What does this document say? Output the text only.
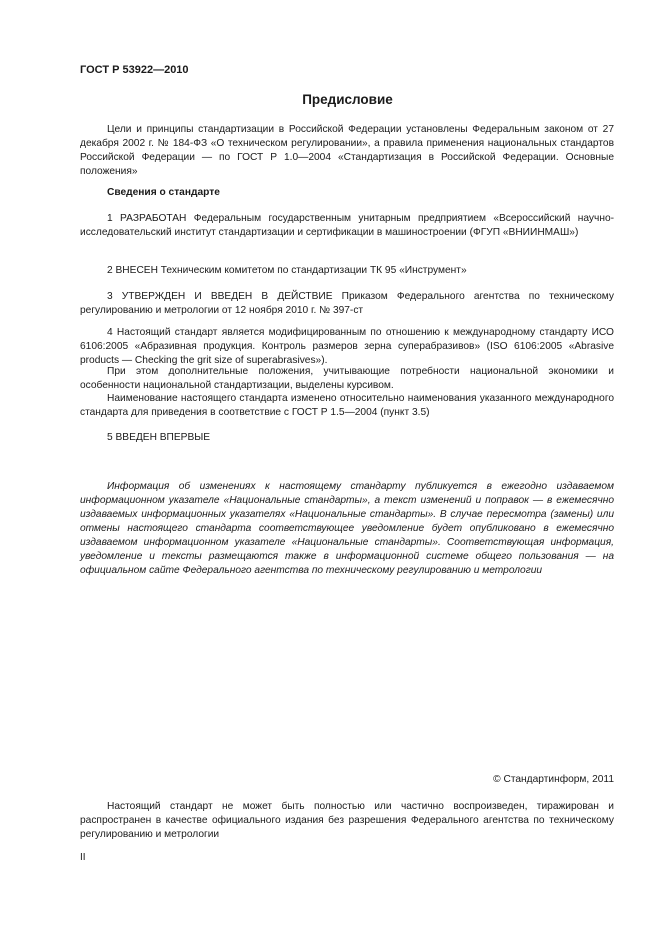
ГОСТ Р 53922—2010
Предисловие

Цели и принципы стандартизации в Российской Федерации установлены Федеральным законом от 27 декабря 2002 г. № 184-ФЗ «О техническом регулировании», а правила применения национальных стандартов Российской Федерации — по ГОСТ Р 1.0—2004 «Стандартизация в Российской Федерации. Основные положения»

Сведения о стандарте

1 РАЗРАБОТАН Федеральным государственным унитарным предприятием «Всероссийский научно-исследовательский институт стандартизации и сертификации в машиностроении (ФГУП «ВНИИНМАШ»)

2 ВНЕСЕН Техническим комитетом по стандартизации ТК 95 «Инструмент»

3 УТВЕРЖДЕН И ВВЕДЕН В ДЕЙСТВИЕ Приказом Федерального агентства по техническому регулированию и метрологии от 12 ноября 2010 г. № 397-ст

4 Настоящий стандарт является модифицированным по отношению к международному стандарту ИСО 6106:2005 «Абразивная продукция. Контроль размеров зерна суперабразивов» (ISO 6106:2005 «Abrasive products — Checking the grit size of superabrasives»).

При этом дополнительные положения, учитывающие потребности национальной экономики и особенности национальной стандартизации, выделены курсивом.

Наименование настоящего стандарта изменено относительно наименования указанного международного стандарта для приведения в соответствие с ГОСТ Р 1.5—2004 (пункт 3.5)

5 ВВЕДЕН ВПЕРВЫЕ

Информация об изменениях к настоящему стандарту публикуется в ежегодно издаваемом информационном указателе «Национальные стандарты», а текст изменений и поправок — в ежемесячно издаваемых информационных указателях «Национальные стандарты». В случае пересмотра (замены) или отмены настоящего стандарта соответствующее уведомление будет опубликовано в ежемесячно издаваемом информационном указателе «Национальные стандарты». Соответствующая информация, уведомление и тексты размещаются также в информационной системе общего пользования — на официальном сайте Федерального агентства по техническому регулированию и метрологии

© Стандартинформ, 2011

Настоящий стандарт не может быть полностью или частично воспроизведен, тиражирован и распространен в качестве официального издания без разрешения Федерального агентства по техническому регулированию и метрологии

II
